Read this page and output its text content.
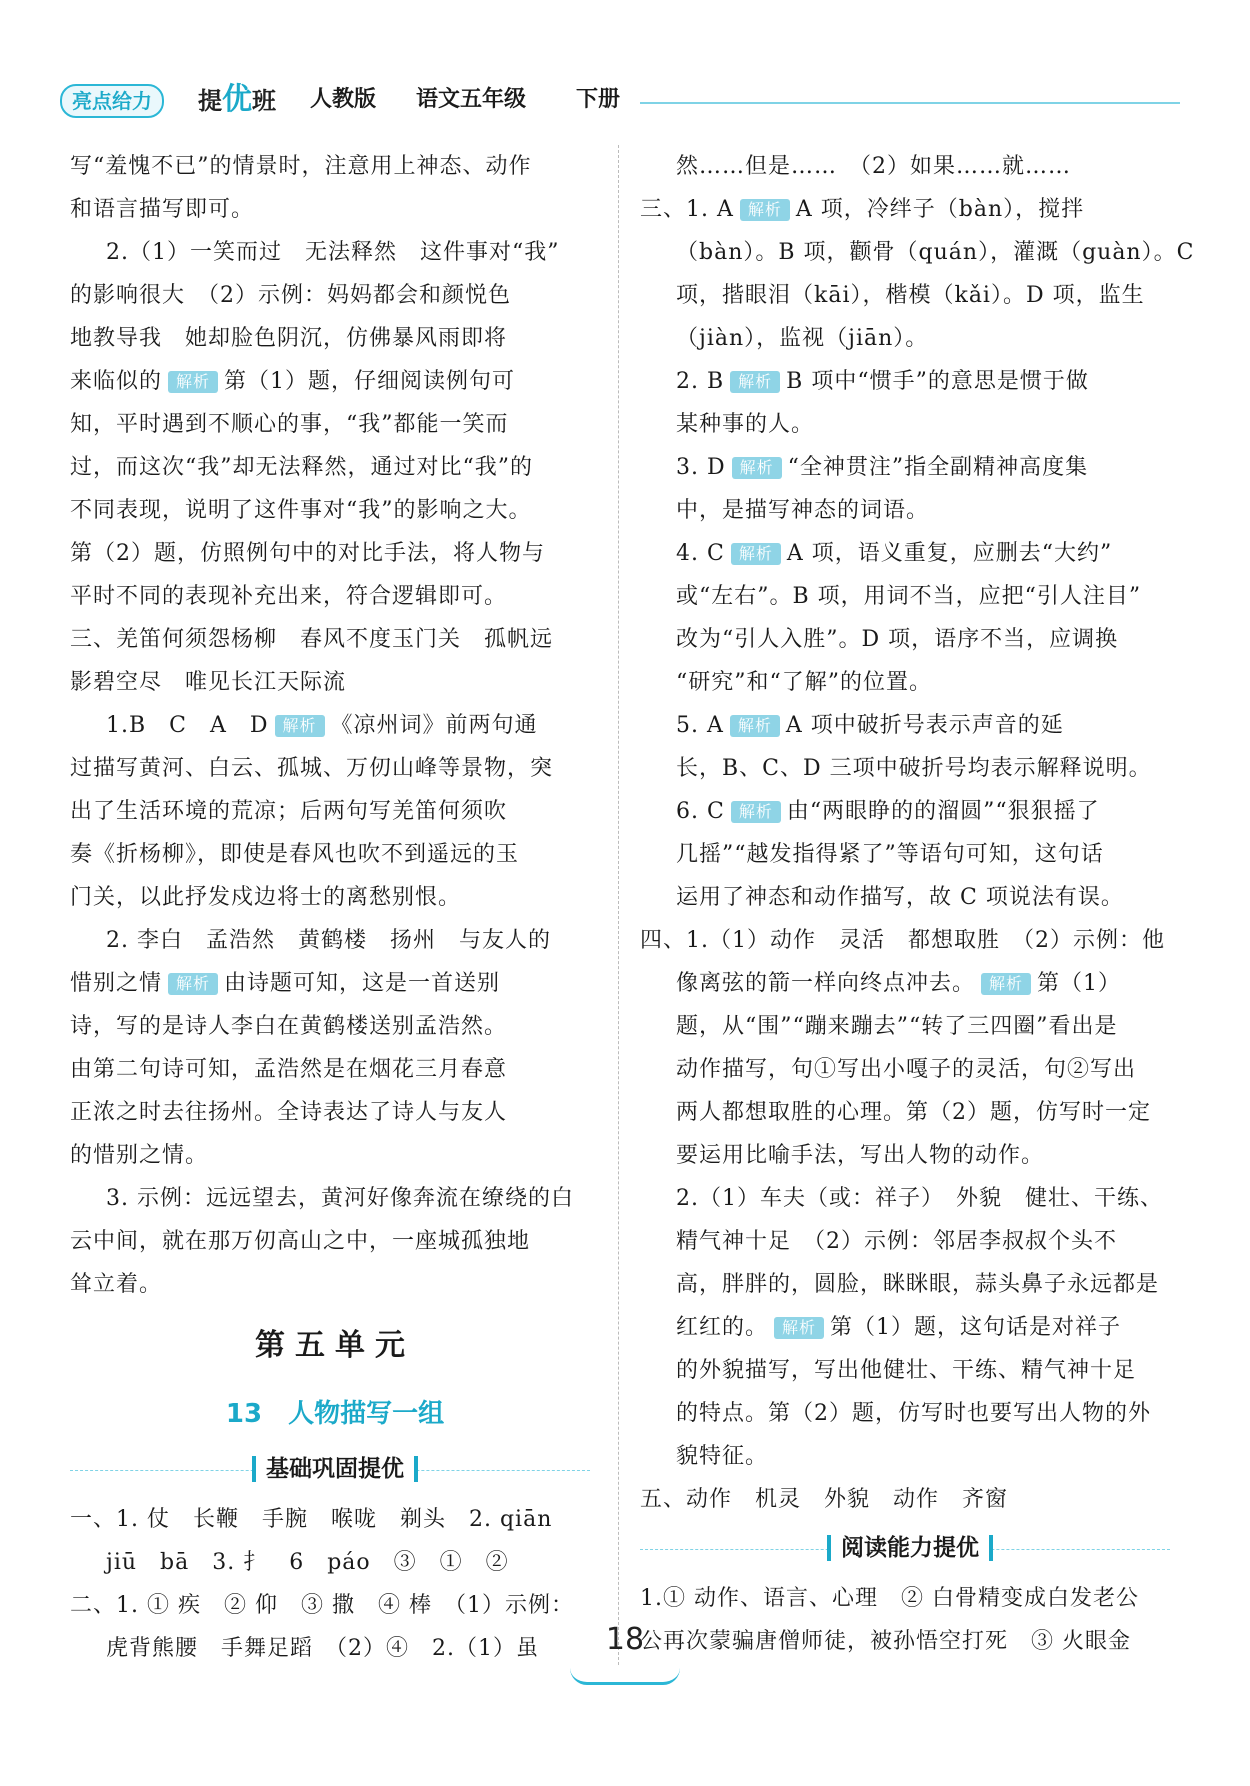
亮点给力	提优班 人教版 语文五年级 下册
写“羞愧不已”的情景时，注意用上神态、动作
和语言描写即可。
2.（1）一笑而过　无法释然　这件事对“我”
的影响很大　（2）示例：妈妈都会和颜悦色
地教导我　她却脸色阴沉，仿佛暴风雨即将
来临似的 解析 第（1）题，仔细阅读例句可
知，平时遇到不顺心的事，“我”都能一笑而
过，而这次“我”却无法释然，通过对比“我”的
不同表现，说明了这件事对“我”的影响之大。
第（2）题，仿照例句中的对比手法，将人物与
平时不同的表现补充出来，符合逻辑即可。
三、羌笛何须怨杨柳　春风不度玉门关　孤帆远
影碧空尽　唯见长江天际流
1.B　C　A　D 解析 《凉州词》前两句通
过描写黄河、白云、孤城、万仞山峰等景物，突
出了生活环境的荒凉；后两句写羌笛何须吹
奏《折杨柳》，即使是春风也吹不到遥远的玉
门关，以此抒发戍边将士的离愁别恨。
2. 李白　孟浩然　黄鹤楼　扬州　与友人的
惜别之情 解析 由诗题可知，这是一首送别
诗，写的是诗人李白在黄鹤楼送别孟浩然。
由第二句诗可知，孟浩然是在烟花三月春意
正浓之时去往扬州。全诗表达了诗人与友人
的惜别之情。
3. 示例：远远望去，黄河好像奔流在缭绕的白
云中间，就在那万仞高山之中，一座城孤独地
耸立着。
第五单元
13　人物描写一组
基础巩固提优
一、1. 仗　长鞭　手腕　喉咙　剃头　2. qiān
jiū　bā　3. 扌　6　páo　③　①　②
二、1. ① 疾　② 仰　③ 撒　④ 棒　（1）示例：
虎背熊腰　手舞足蹈　（2）④　2.（1）虽
然……但是……　（2）如果……就……
三、1. A 解析 A 项，冷绊子（bàn），搅拌
（bàn）。B 项，颧骨（quán），灌溉（guàn）。C
项，揩眼泪（kāi），楷模（kǎi）。D 项，监生
（jiàn），监视（jiān）。
2. B 解析 B 项中“惯手”的意思是惯于做
某种事的人。
3. D 解析 “全神贯注”指全副精神高度集
中，是描写神态的词语。
4. C 解析 A 项，语义重复，应删去“大约”
或“左右”。B 项，用词不当，应把“引人注目”
改为“引人入胜”。D 项，语序不当，应调换
“研究”和“了解”的位置。
5. A 解析 A 项中破折号表示声音的延
长，B、C、D 三项中破折号均表示解释说明。
6. C 解析 由“两眼睁的的溜圆”“狠狠摇了
几摇”“越发指得紧了”等语句可知，这句话
运用了神态和动作描写，故 C 项说法有误。
四、1.（1）动作　灵活　都想取胜　（2）示例：他
像离弦的箭一样向终点冲去。 解析 第（1）
题，从“围”“蹦来蹦去”“转了三四圈”看出是
动作描写，句①写出小嘎子的灵活，句②写出
两人都想取胜的心理。第（2）题，仿写时一定
要运用比喻手法，写出人物的动作。
2.（1）车夫（或：祥子）　外貌　健壮、干练、
精气神十足　（2）示例：邻居李叔叔个头不
高，胖胖的，圆脸，眯眯眼，蒜头鼻子永远都是
红红的。 解析 第（1）题，这句话是对祥子
的外貌描写，写出他健壮、干练、精气神十足
的特点。第（2）题，仿写时也要写出人物的外
貌特征。
五、动作　机灵　外貌　动作　齐窗
阅读能力提优
1.① 动作、语言、心理　② 白骨精变成白发老公
公再次蒙骗唐僧师徒，被孙悟空打死　③ 火眼金
18
